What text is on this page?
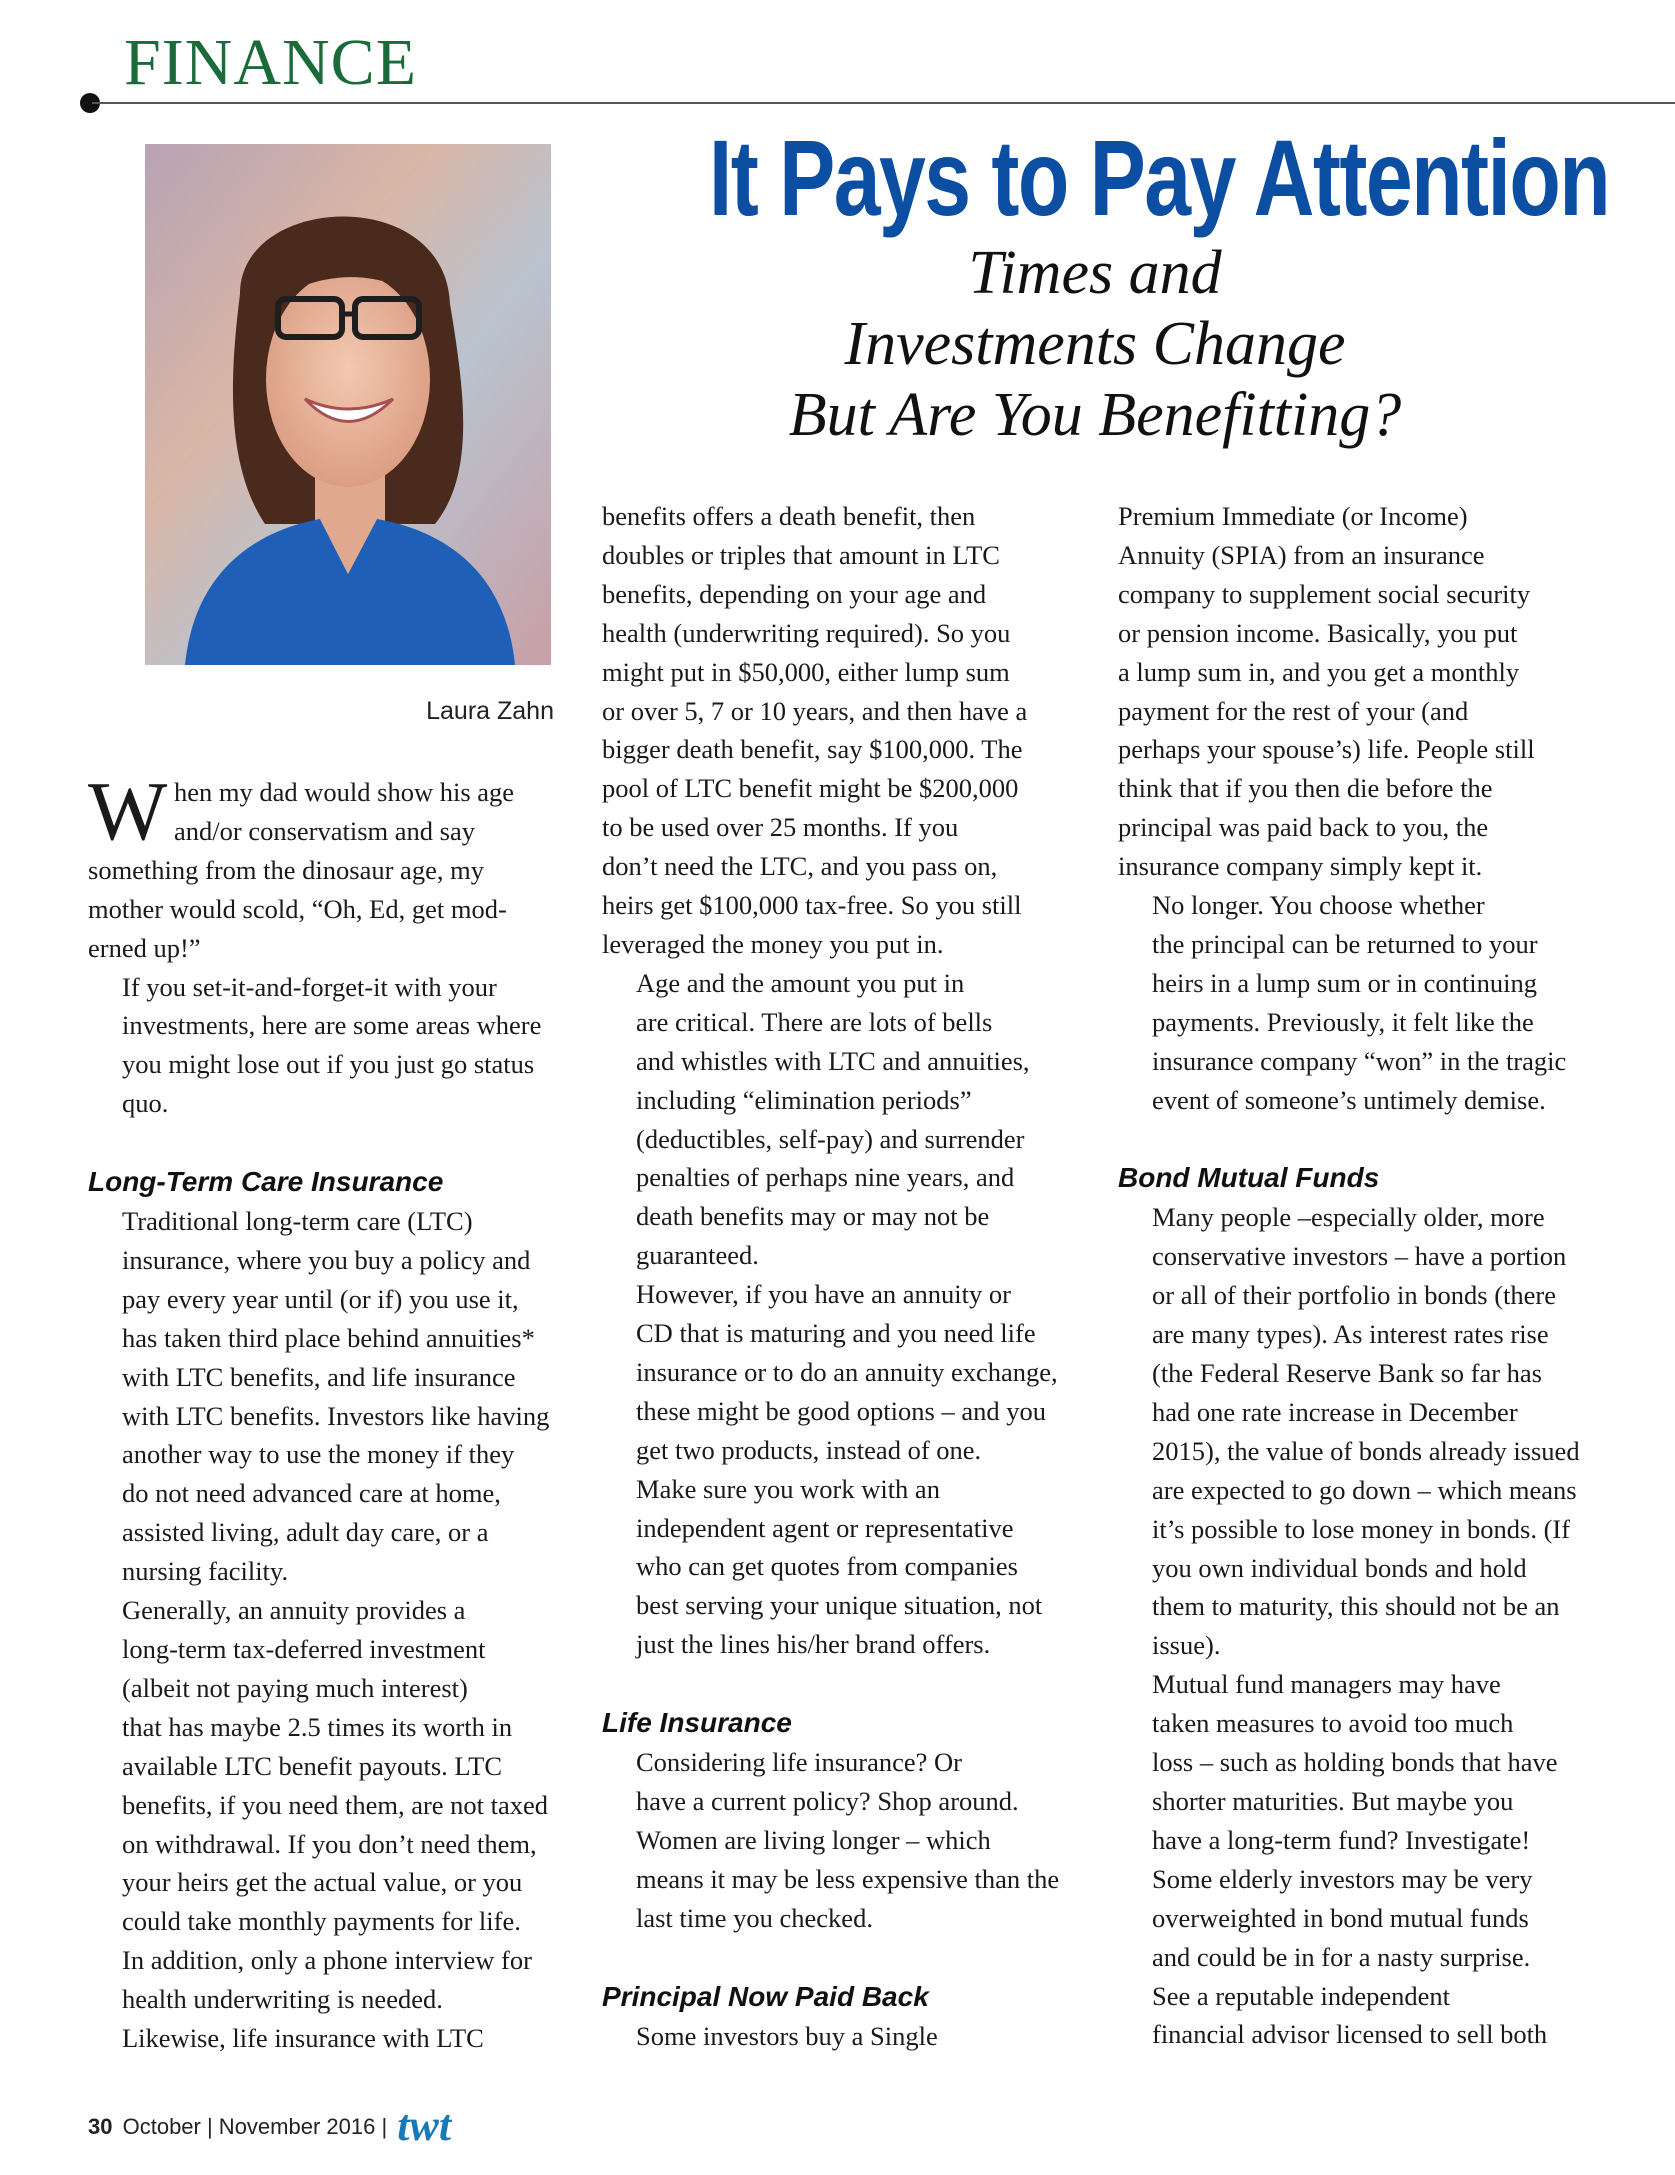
FINANCE
Laura Zahn
It Pays to Pay Attention
Times and
Investments Change
But Are You Benefitting?

W hen my dad would show his age
and/or conservatism and say

something from the dinosaur age, my
mother would scold, “Oh, Ed, get mod-
erned up!”

If you set-it-and-forget-it with your
investments, here are some areas where
you might lose out if you just go status
quo.

Long-Term Care Insurance

Traditional long-term care (LTC)
insurance, where you buy a policy and
pay every year until (or if) you use it,
has taken third place behind annuities*
with LTC benefits, and life insurance
with LTC benefits. Investors like having
another way to use the money if they
do not need advanced care at home,
assisted living, adult day care, or a
nursing facility.

Generally, an annuity provides a
long-term tax-deferred investment
(albeit not paying much interest)
that has maybe 2.5 times its worth in
available LTC benefit payouts. LTC
benefits, if you need them, are not taxed
on withdrawal. If you don’t need them,
your heirs get the actual value, or you
could take monthly payments for life.
In addition, only a phone interview for
health underwriting is needed.

Likewise, life insurance with LTC

benefits offers a death benefit, then
doubles or triples that amount in LTC
benefits, depending on your age and
health (underwriting required). So you
might put in $50,000, either lump sum
or over 5, 7 or 10 years, and then have a
bigger death benefit, say $100,000. The
pool of LTC benefit might be $200,000
to be used over 25 months. If you
don’t need the LTC, and you pass on,
heirs get $100,000 tax-free. So you still
leveraged the money you put in.

Age and the amount you put in
are critical. There are lots of bells
and whistles with LTC and annuities,
including “elimination periods”
(deductibles, self-pay) and surrender
penalties of perhaps nine years, and
death benefits may or may not be
guaranteed.

However, if you have an annuity or
CD that is maturing and you need life
insurance or to do an annuity exchange,
these might be good options – and you
get two products, instead of one.

Make sure you work with an
independent agent or representative
who can get quotes from companies
best serving your unique situation, not
just the lines his/her brand offers.

Life Insurance

Considering life insurance? Or
have a current policy? Shop around.
Women are living longer – which
means it may be less expensive than the
last time you checked.

Principal Now Paid Back

Some investors buy a Single

Premium Immediate (or Income)
Annuity (SPIA) from an insurance
company to supplement social security
or pension income. Basically, you put
a lump sum in, and you get a monthly
payment for the rest of your (and
perhaps your spouse’s) life. People still
think that if you then die before the
principal was paid back to you, the
insurance company simply kept it.

No longer. You choose whether
the principal can be returned to your
heirs in a lump sum or in continuing
payments. Previously, it felt like the
insurance company “won” in the tragic
event of someone’s untimely demise.

Bond Mutual Funds

Many people –especially older, more
conservative investors – have a portion
or all of their portfolio in bonds (there
are many types). As interest rates rise
(the Federal Reserve Bank so far has
had one rate increase in December
2015), the value of bonds already issued
are expected to go down – which means
it’s possible to lose money in bonds. (If
you own individual bonds and hold
them to maturity, this should not be an
issue).

Mutual fund managers may have
taken measures to avoid too much
loss – such as holding bonds that have
shorter maturities. But maybe you
have a long-term fund? Investigate!
Some elderly investors may be very
overweighted in bond mutual funds
and could be in for a nasty surprise.

See a reputable independent
financial advisor licensed to sell both

30 October | November 2016 | twt
